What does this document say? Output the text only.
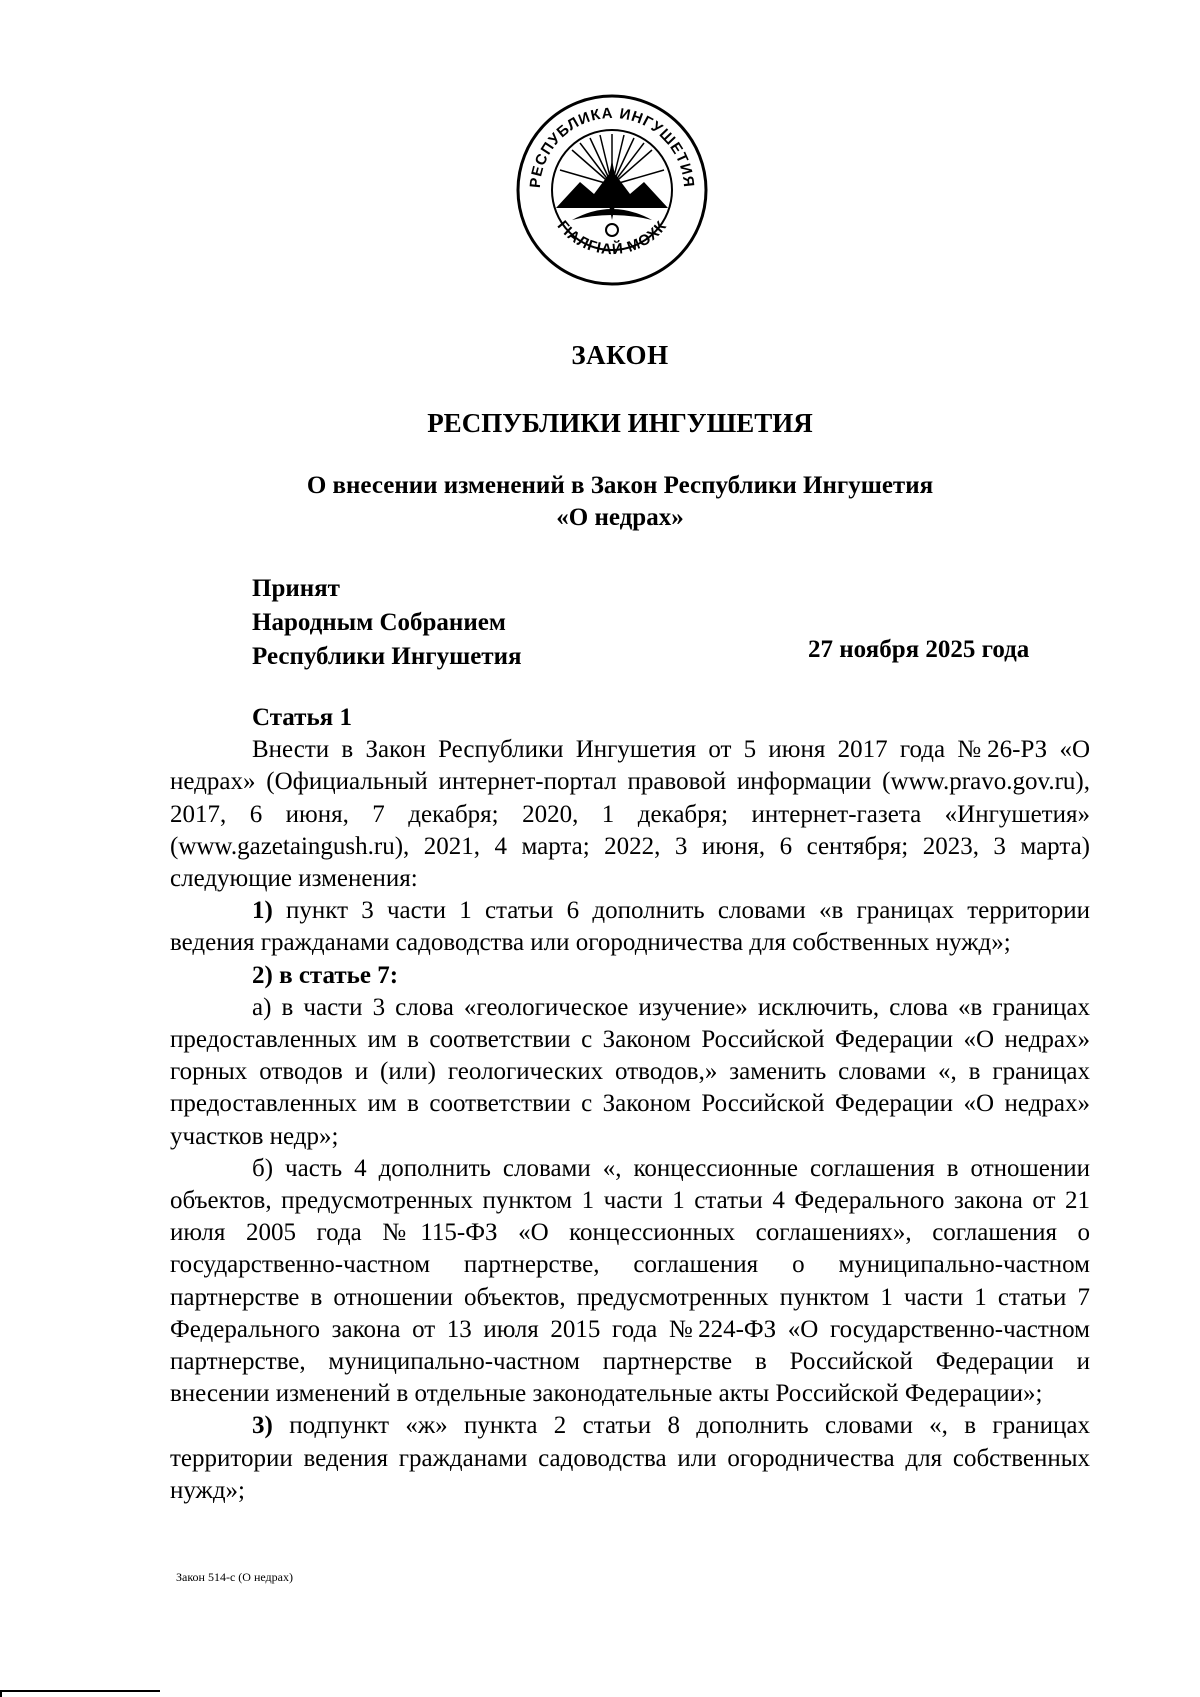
РЕСПУБЛИКА ИНГУШЕТИЯ
ГӀАЛГӀАЙ МОХК
ЗАКОН
РЕСПУБЛИКИ ИНГУШЕТИЯ
О внесении изменений в Закон Республики Ингушетия
«О недрах»
Принят
Народным Собранием
Республики Ингушетия	27 ноября 2025 года

Статья 1

Внести в Закон Республики Ингушетия от 5 июня 2017 года №26-РЗ «О недрах» (Официальный интернет-портал правовой информации (www.pravo.gov.ru), 2017, 6 июня, 7 декабря; 2020, 1 декабря; интернет-газета «Ингушетия» (www.gazetaingush.ru), 2021, 4 марта; 2022, 3 июня, 6 сентября; 2023, 3 марта) следующие изменения:

1) пункт 3 части 1 статьи 6 дополнить словами «в границах территории ведения гражданами садоводства или огородничества для собственных нужд»;

2) в статье 7:

а) в части 3 слова «геологическое изучение» исключить, слова «в границах предоставленных им в соответствии с Законом Российской Федерации «О недрах» горных отводов и (или) геологических отводов,» заменить словами «, в границах предоставленных им в соответствии с Законом Российской Федерации «О недрах» участков недр»;

б) часть 4 дополнить словами «, концессионные соглашения в отношении объектов, предусмотренных пунктом 1 части 1 статьи 4 Федерального закона от 21 июля 2005 года №115-ФЗ «О концессионных соглашениях», соглашения о государственно-частном партнерстве, соглашения о муниципально-частном партнерстве в отношении объектов, предусмотренных пунктом 1 части 1 статьи 7 Федерального закона от 13 июля 2015 года №224-ФЗ «О государственно-частном партнерстве, муниципально-частном партнерстве в Российской Федерации и внесении изменений в отдельные законодательные акты Российской Федерации»;

3) подпункт «ж» пункта 2 статьи 8 дополнить словами «, в границах территории ведения гражданами садоводства или огородничества для собственных нужд»;

Закон 514-с (О недрах)
